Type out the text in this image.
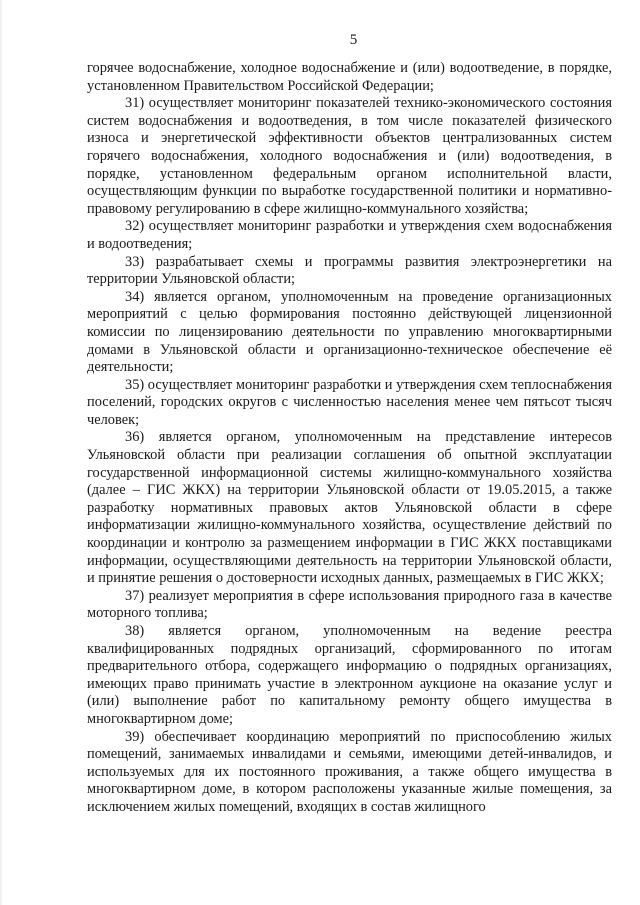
5

горячее водоснабжение, холодное водоснабжение и (или) водоотведение, в порядке, установленном Правительством Российской Федерации;

31) осуществляет мониторинг показателей технико-экономического состояния систем водоснабжения и водоотведения, в том числе показателей физического износа и энергетической эффективности объектов централизованных систем горячего водоснабжения, холодного водоснабжения и (или) водоотведения, в порядке, установленном федеральным органом исполнительной власти, осуществляющим функции по выработке государственной политики и нормативно-правовому регулированию в сфере жилищно-коммунального хозяйства;

32) осуществляет мониторинг разработки и утверждения схем водоснабжения и водоотведения;

33) разрабатывает схемы и программы развития электроэнергетики на территории Ульяновской области;

34) является органом, уполномоченным на проведение организационных мероприятий с целью формирования постоянно действующей лицензионной комиссии по лицензированию деятельности по управлению многоквартирными домами в Ульяновской области и организационно-техническое обеспечение её деятельности;

35) осуществляет мониторинг разработки и утверждения схем теплоснабжения поселений, городских округов с численностью населения менее чем пятьсот тысяч человек;

36) является органом, уполномоченным на представление интересов Ульяновской области при реализации соглашения об опытной эксплуатации государственной информационной системы жилищно-коммунального хозяйства (далее – ГИС ЖКХ) на территории Ульяновской области от 19.05.2015, а также разработку нормативных правовых актов Ульяновской области в сфере информатизации жилищно-коммунального хозяйства, осуществление действий по координации и контролю за размещением информации в ГИС ЖКХ поставщиками информации, осуществляющими деятельность на территории Ульяновской области, и принятие решения о достоверности исходных данных, размещаемых в ГИС ЖКХ;

37) реализует мероприятия в сфере использования природного газа в качестве моторного топлива;

38) является органом, уполномоченным на ведение реестра квалифицированных подрядных организаций, сформированного по итогам предварительного отбора, содержащего информацию о подрядных организациях, имеющих право принимать участие в электронном аукционе на оказание услуг и (или) выполнение работ по капитальному ремонту общего имущества в многоквартирном доме;

39) обеспечивает координацию мероприятий по приспособлению жилых помещений, занимаемых инвалидами и семьями, имеющими детей-инвалидов, и используемых для их постоянного проживания, а также общего имущества в многоквартирном доме, в котором расположены указанные жилые помещения, за исключением жилых помещений, входящих в состав жилищного
